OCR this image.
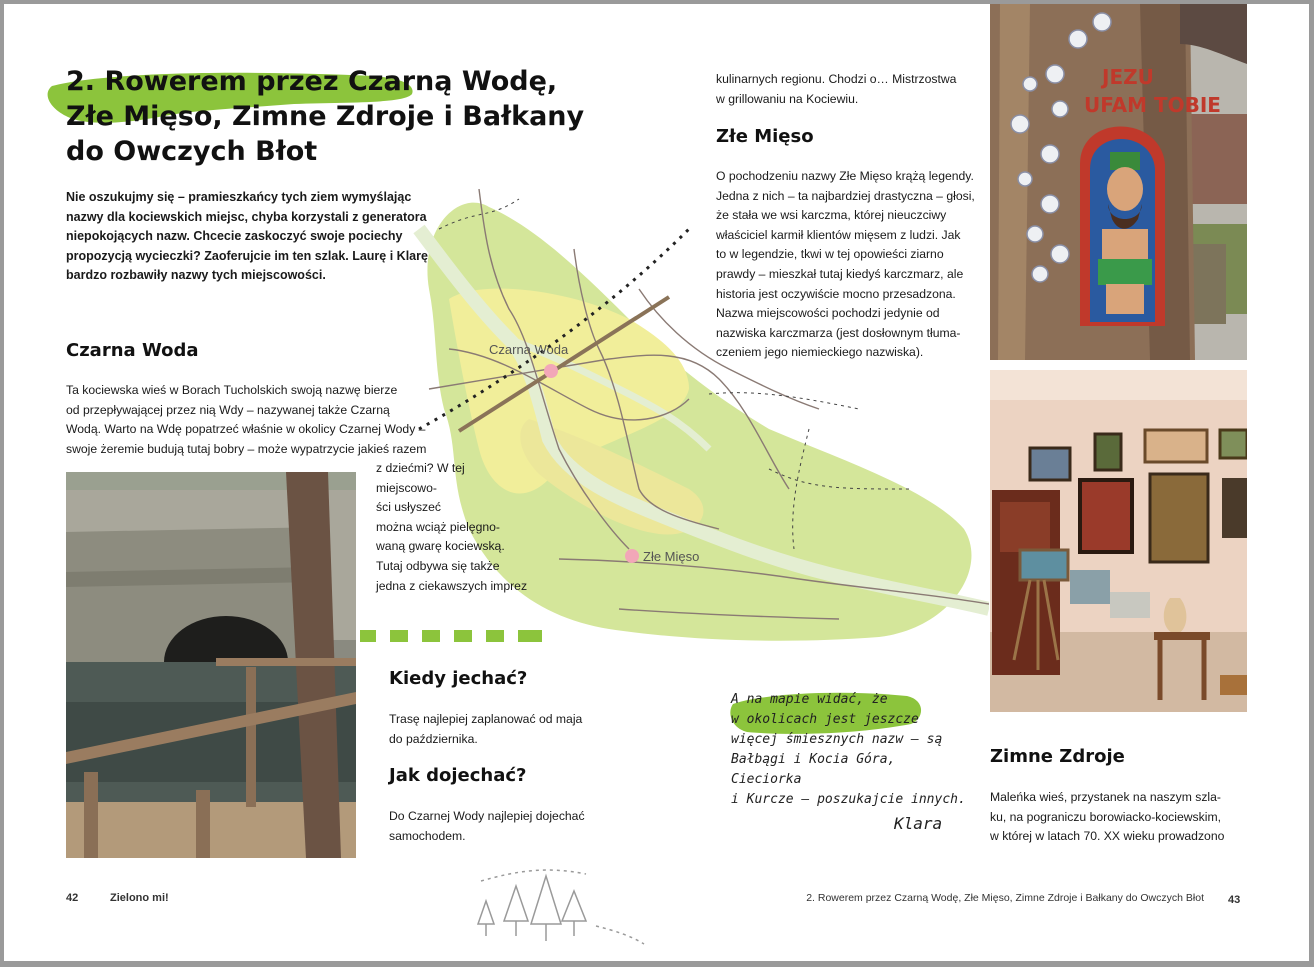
2. Rowerem przez Czarną Wodę,
Złe Mięso, Zimne Zdroje i Bałkany
do Owczych Błot
Nie oszukujmy się – pramieszkańcy tych ziem wymyślając nazwy dla kociewskich miejsc, chyba korzystali z generatora niepokojących nazw. Chcecie zaskoczyć swoje pociechy propozycją wycieczki? Zaoferujcie im ten szlak. Laurę i Klarę bardzo rozbawiły nazwy tych miejscowości.
Czarna Woda
Złe Mięso
Czarna Woda

Ta kociewska wieś w Borach Tucholskich swoją nazwę bierze

od przepływającej przez nią Wdy – nazywanej także Czarną

Wodą. Warto na Wdę popatrzeć właśnie w okolicy Czarnej Wody –

swoje żeremie budują tutaj bobry – może wypatrzycie jakieś razem

z dziećmi? W tej

miejscowo-

ści usłyszeć

można wciąż pielęgno-

waną gwarę kociewską.

Tutaj odbywa się także

jedna z ciekawszych imprez

Kiedy jechać?

Trasę najlepiej zaplanować od maja

do października.

Jak dojechać?

Do Czarnej Wody najlepiej dojechać

samochodem.

kulinarnych regionu. Chodzi o… Mistrzostwa

w grillowaniu na Kociewiu.

Złe Mięso

O pochodzeniu nazwy Złe Mięso krążą legendy.

Jedna z nich – ta najbardziej drastyczna – głosi,

że stała we wsi karczma, której nieuczciwy

właściciel karmił klientów mięsem z ludzi. Jak

to w legendzie, tkwi w tej opowieści ziarno

prawdy – mieszkał tutaj kiedyś karczmarz, ale

historia jest oczywiście mocno przesadzona.

Nazwa miejscowości pochodzi jedynie od

nazwiska karczmarza (jest dosłownym tłuma-

czeniem jego niemieckiego nazwiska).

JEZU
UFAM TOBIE
A na mapie widać, że
w okolicach jest jeszcze
więcej śmiesznych nazw – są
Bałbągi i Kocia Góra, Cieciorka
i Kurcze – poszukajcie innych.
Klara
Zimne Zdroje

Maleńka wieś, przystanek na naszym szla-

ku, na pograniczu borowiacko-kociewskim,

w której w latach 70. XX wieku prowadzono

42	Zielono mi!	2. Rowerem przez Czarną Wodę, Złe Mięso, Zimne Zdroje i Bałkany do Owczych Błot 43
